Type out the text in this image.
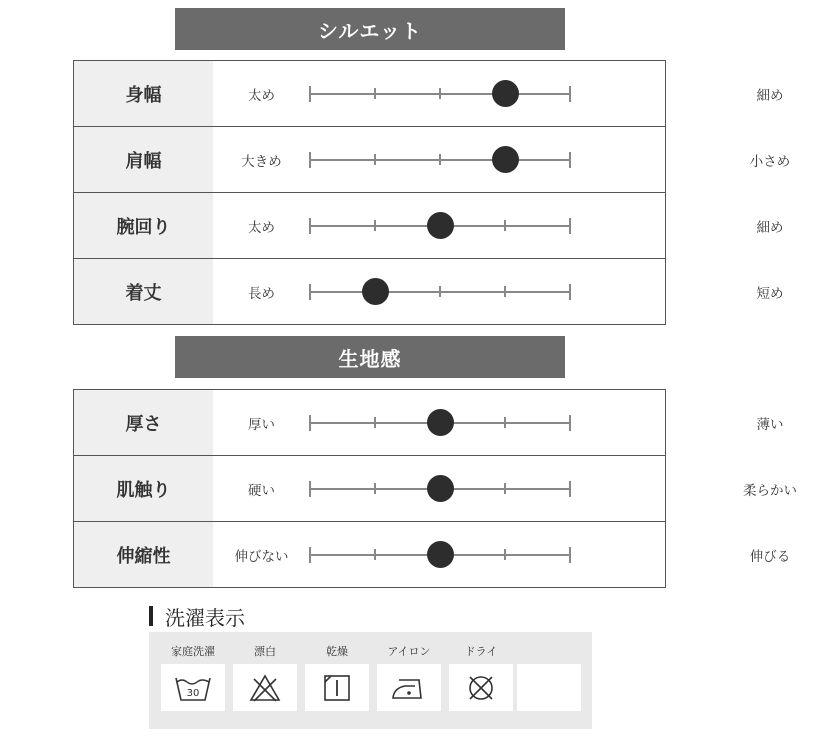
シルエット
身幅	太め	細め
肩幅	大きめ	小さめ
腕回り	太め	細め
着丈	長め	短め
生地感
厚さ	厚い	薄い
肌触り	硬い	柔らかい
伸縮性	伸びない	伸びる
洗濯表示
家庭洗濯
30
漂白	乾燥	アイロン	ドライ
